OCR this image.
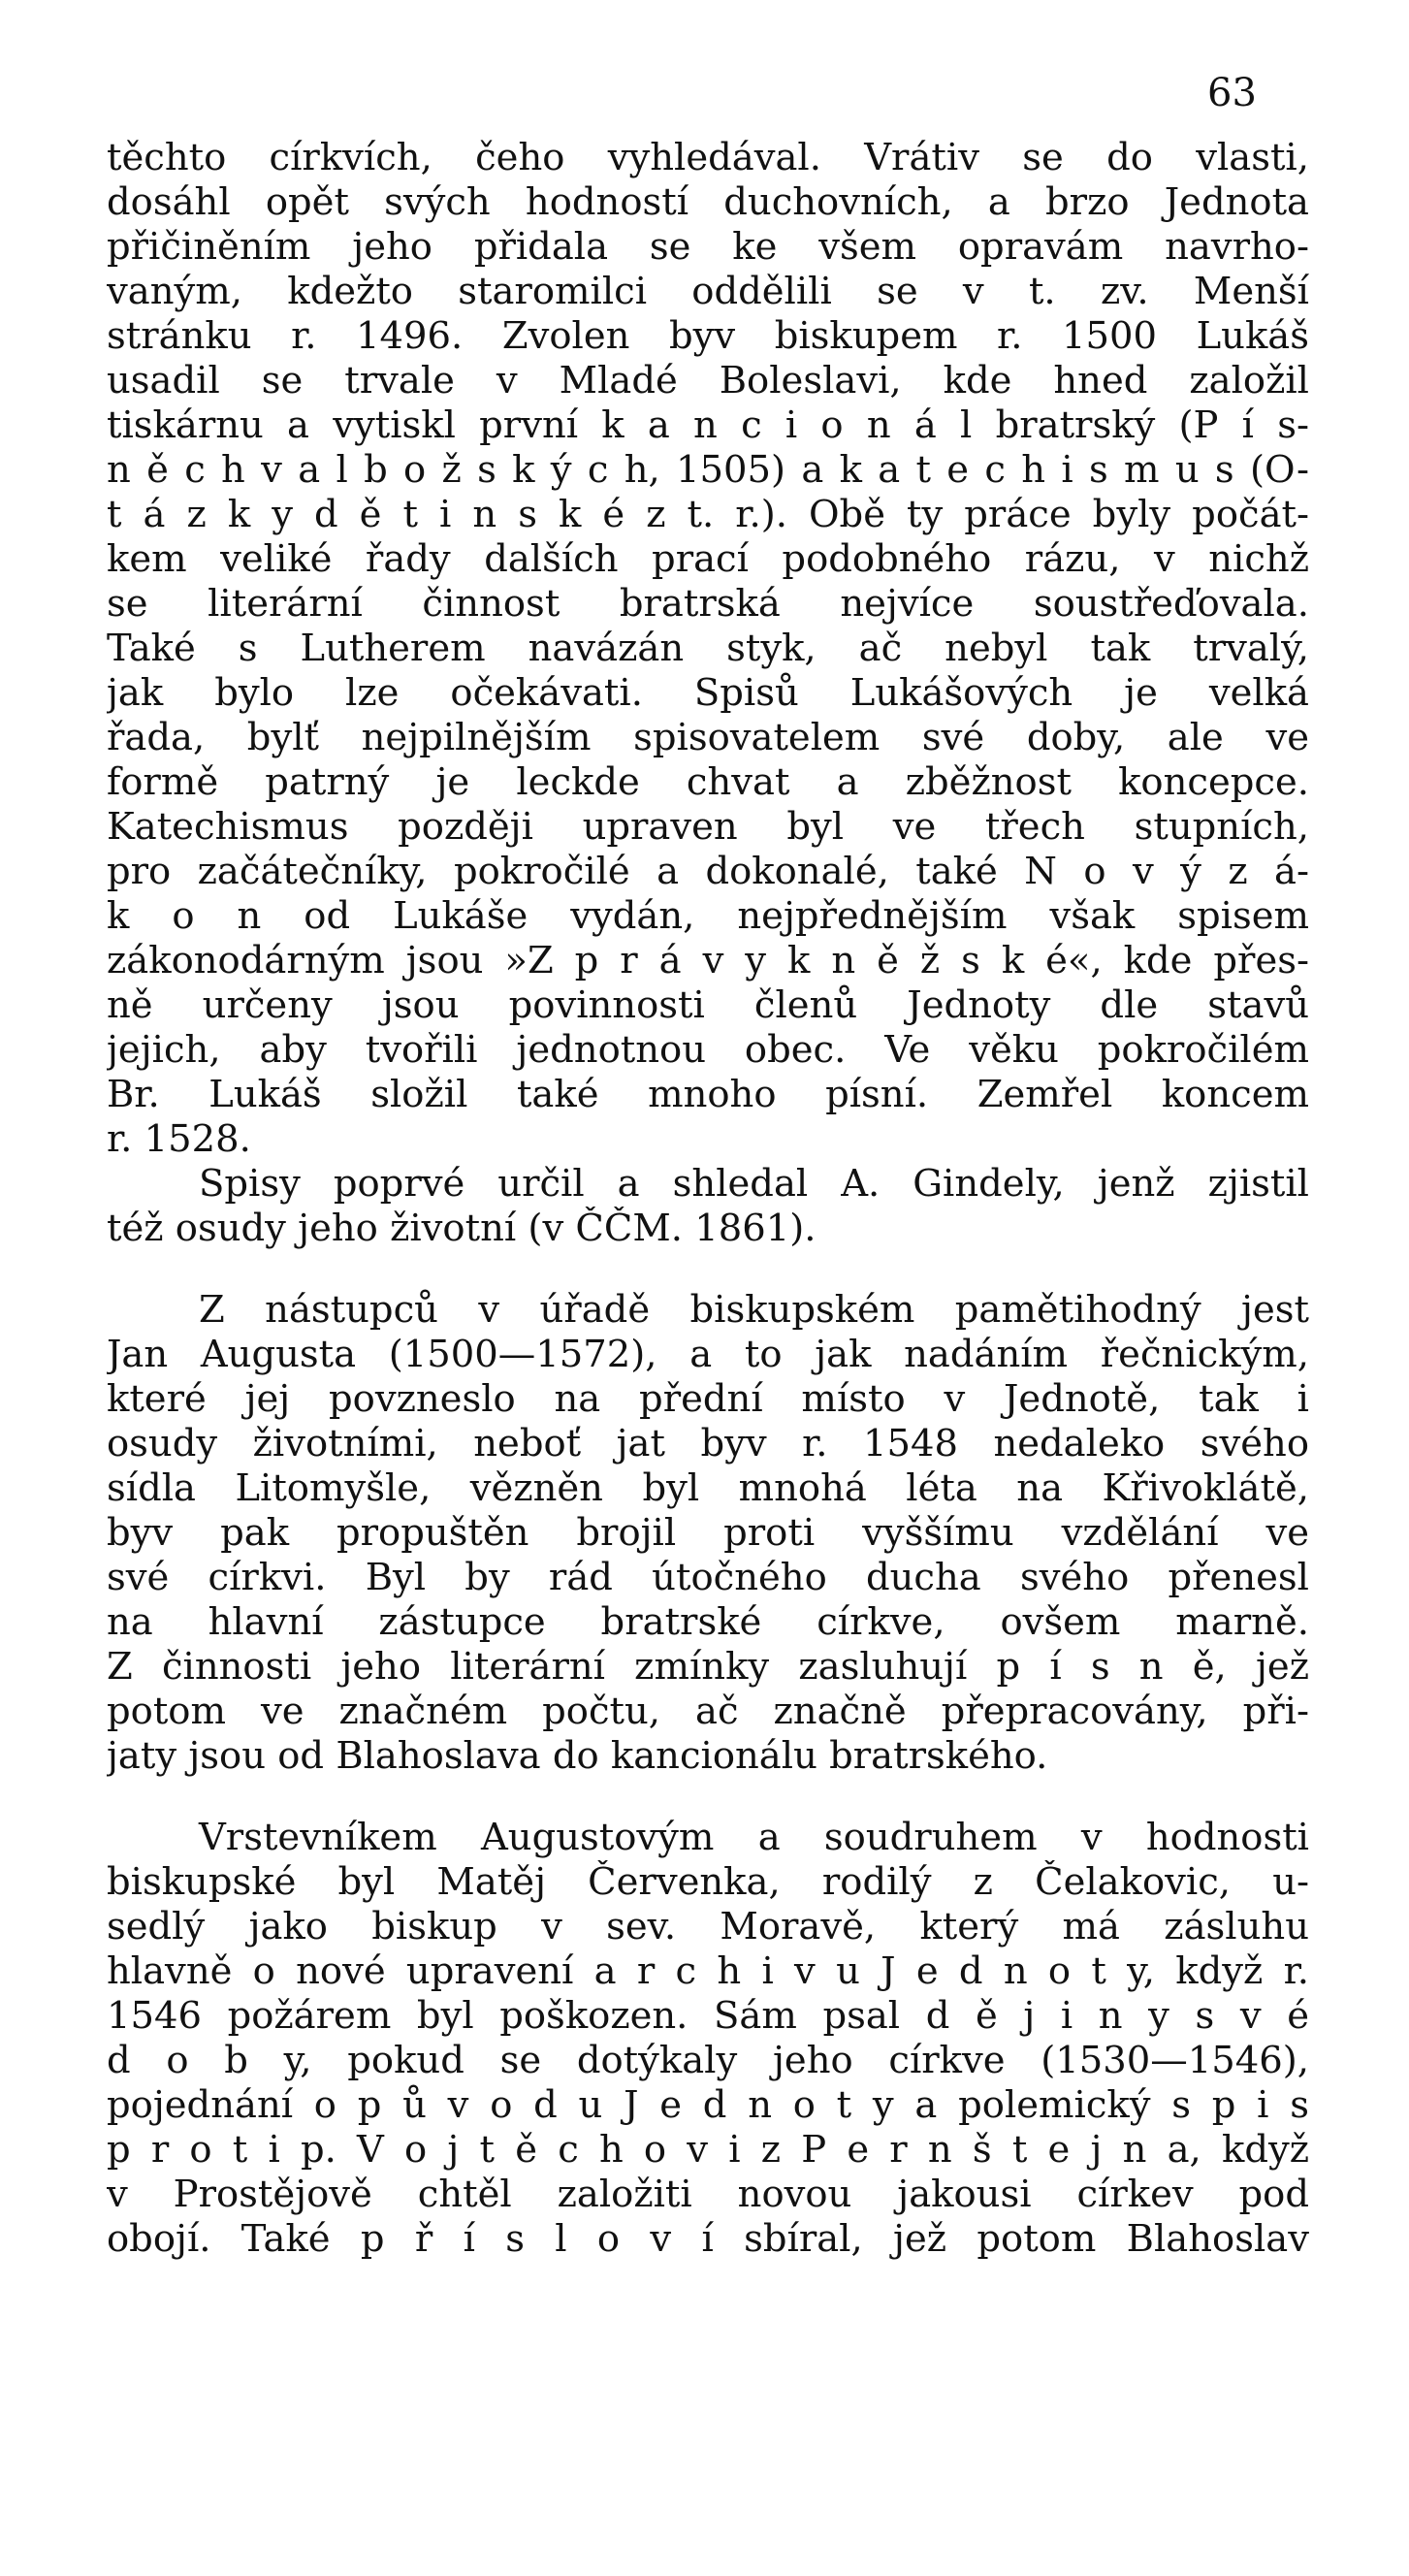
63
těchto církvích, čeho vyhledával. Vrátiv se do vlasti,
dosáhl opět svých hodností duchovních, a brzo Jednota
přičiněním jeho přidala se ke všem opravám navrho-
vaným, kdežto staromilci oddělili se v t. zv. Menší
stránku r. 1496. Zvolen byv biskupem r. 1500 Lukáš
usadil se trvale v Mladé Boleslavi, kde hned založil
tiskárnu a vytiskl první k a n c i o n á l bratrský (P í s-
n ě c h v a l b o ž s k ý c h, 1505) a k a t e c h i s m u s (O-
t á z k y d ě t i n s k é z t. r.). Obě ty práce byly počát-
kem veliké řady dalších prací podobného rázu, v nichž
se literární činnost bratrská nejvíce soustřeďovala.
Také s Lutherem navázán styk, ač nebyl tak trvalý,
jak bylo lze očekávati. Spisů Lukášových je velká
řada, bylť nejpilnějším spisovatelem své doby, ale ve
formě patrný je leckde chvat a zběžnost koncepce.
Katechismus později upraven byl ve třech stupních,
pro začátečníky, pokročilé a dokonalé, také N o v ý z á-
k o n od Lukáše vydán, nejpřednějším však spisem
zákonodárným jsou »Z p r á v y k n ě ž s k é«, kde přes-
ně určeny jsou povinnosti členů Jednoty dle stavů
jejich, aby tvořili jednotnou obec. Ve věku pokročilém
Br. Lukáš složil také mnoho písní. Zemřel koncem
r. 1528.
Spisy poprvé určil a shledal A. Gindely, jenž zjistil
též osudy jeho životní (v ČČM. 1861).
Z nástupců v úřadě biskupském pamětihodný jest
Jan Augusta (1500—1572), a to jak nadáním řečnickým,
které jej povzneslo na přední místo v Jednotě, tak i
osudy životními, neboť jat byv r. 1548 nedaleko svého
sídla Litomyšle, vězněn byl mnohá léta na Křivoklátě,
byv pak propuštěn brojil proti vyššímu vzdělání ve
své církvi. Byl by rád útočného ducha svého přenesl
na hlavní zástupce bratrské církve, ovšem marně.
Z činnosti jeho literární zmínky zasluhují p í s n ě, jež
potom ve značném počtu, ač značně přepracovány, při-
jaty jsou od Blahoslava do kancionálu bratrského.
Vrstevníkem Augustovým a soudruhem v hodnosti
biskupské byl Matěj Červenka, rodilý z Čelakovic, u-
sedlý jako biskup v sev. Moravě, který má zásluhu
hlavně o nové upravení a r c h i v u J e d n o t y, když r.
1546 požárem byl poškozen. Sám psal d ě j i n y s v é
d o b y, pokud se dotýkaly jeho církve (1530—1546),
pojednání o p ů v o d u J e d n o t y a polemický s p i s
p r o t i p. V o j t ě c h o v i z P e r n š t e j n a, když
v Prostějově chtěl založiti novou jakousi církev pod
obojí. Také p ř í s l o v í sbíral, jež potom Blahoslav
